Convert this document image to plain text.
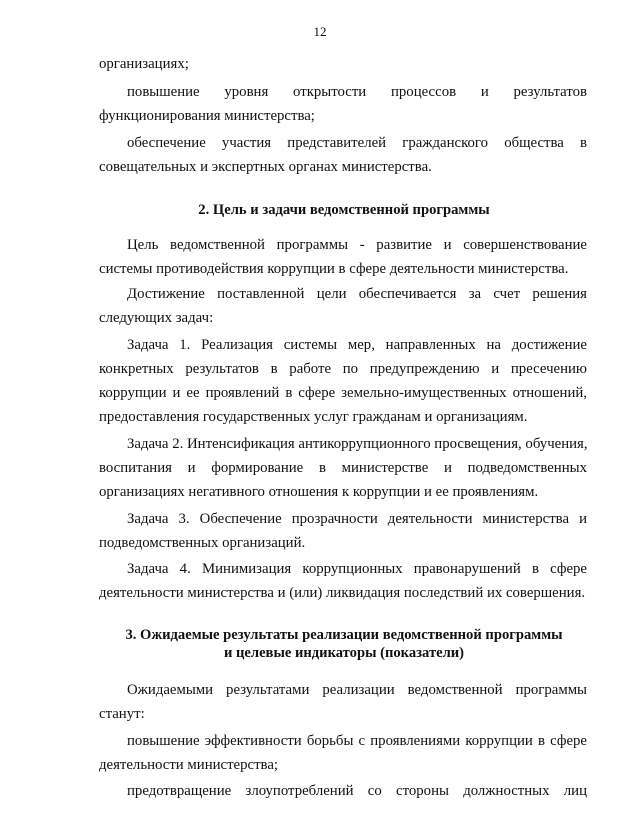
12
организациях;
повышение уровня открытости процессов и результатов
функционирования министерства;
обеспечение участия представителей гражданского общества в
совещательных и экспертных органах министерства.
2. Цель и задачи ведомственной программы
Цель ведомственной программы - развитие и совершенствование
системы противодействия коррупции в сфере деятельности министерства.
Достижение поставленной цели обеспечивается за счет решения
следующих задач:
Задача 1. Реализация системы мер, направленных на достижение
конкретных результатов в работе по предупреждению и пресечению
коррупции и ее проявлений в сфере земельно-имущественных отношений,
предоставления государственных услуг гражданам и организациям.
Задача 2. Интенсификация антикоррупционного просвещения, обучения,
воспитания и формирование в министерстве и подведомственных
организациях негативного отношения к коррупции и ее проявлениям.
Задача 3. Обеспечение прозрачности деятельности министерства и
подведомственных организаций.
Задача 4. Минимизация коррупционных правонарушений в сфере
деятельности министерства и (или) ликвидация последствий их совершения.
3. Ожидаемые результаты реализации ведомственной программы
и целевые индикаторы (показатели)
Ожидаемыми результатами реализации ведомственной программы
станут:
повышение эффективности борьбы с проявлениями коррупции в сфере
деятельности министерства;
предотвращение злоупотреблений со стороны должностных лиц
